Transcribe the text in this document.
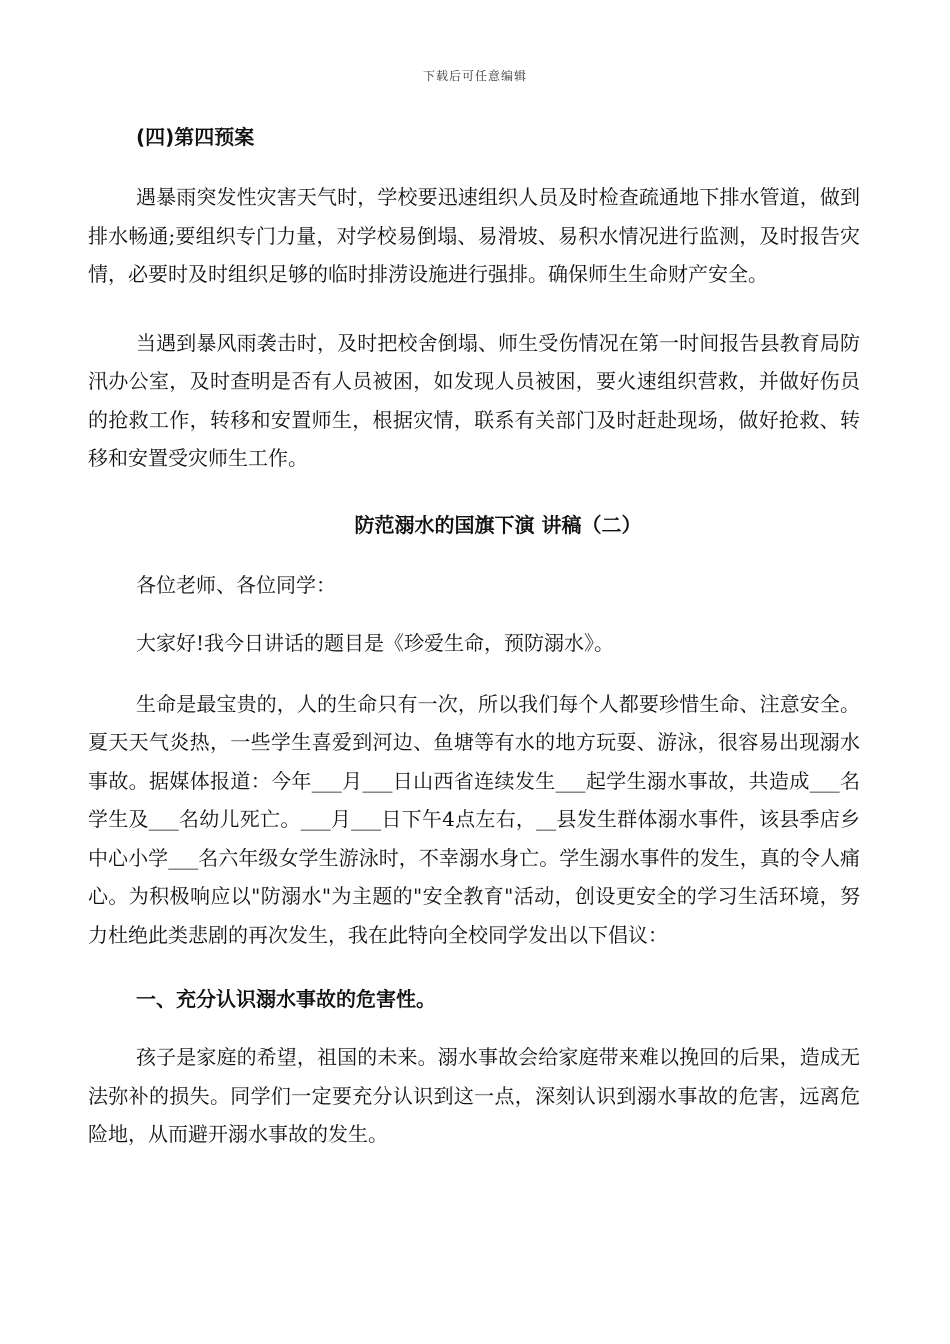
下载后可任意编辑

(四)第四预案

遇暴雨突发性灾害天气时，学校要迅速组织人员及时检查疏通地下排水管道，做到排水畅通;要组织专门力量，对学校易倒塌、易滑坡、易积水情况进行监测，及时报告灾情，必要时及时组织足够的临时排涝设施进行强排。确保师生生命财产安全。

当遇到暴风雨袭击时，及时把校舍倒塌、师生受伤情况在第一时间报告县教育局防汛办公室，及时查明是否有人员被困，如发现人员被困，要火速组织营救，并做好伤员的抢救工作，转移和安置师生，根据灾情，联系有关部门及时赶赴现场，做好抢救、转移和安置受灾师生工作。

防范溺水的国旗下演 讲稿（二）

各位老师、各位同学：

大家好!我今日讲话的题目是《珍爱生命，预防溺水》。

生命是最宝贵的，人的生命只有一次，所以我们每个人都要珍惜生命、注意安全。夏天天气炎热，一些学生喜爱到河边、鱼塘等有水的地方玩耍、游泳，很容易出现溺水事故。据媒体报道：今年___月___日山西省连续发生___起学生溺水事故，共造成___名学生及___名幼儿死亡。___月___日下午4点左右，__县发生群体溺水事件，该县季店乡中心小学___名六年级女学生游泳时，不幸溺水身亡。学生溺水事件的发生，真的令人痛心。为积极响应以"防溺水"为主题的"安全教育"活动，创设更安全的学习生活环境，努力杜绝此类悲剧的再次发生，我在此特向全校同学发出以下倡议：

一、充分认识溺水事故的危害性。

孩子是家庭的希望，祖国的未来。溺水事故会给家庭带来难以挽回的后果，造成无法弥补的损失。同学们一定要充分认识到这一点，深刻认识到溺水事故的危害，远离危险地，从而避开溺水事故的发生。
